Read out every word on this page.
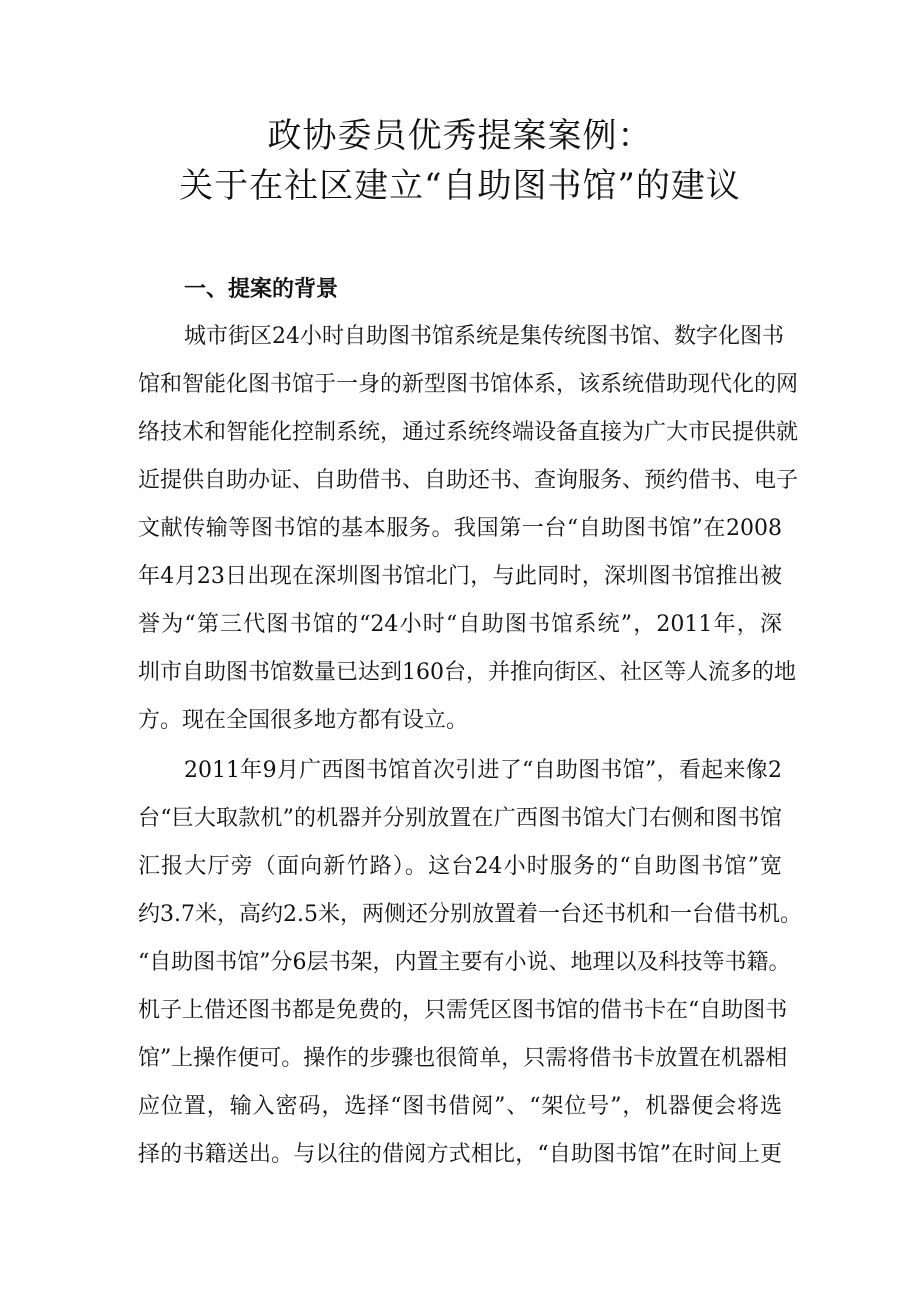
政协委员优秀提案案例：
关于在社区建立“自助图书馆”的建议
一、提案的背景
城市街区24小时自助图书馆系统是集传统图书馆、数字化图书
馆和智能化图书馆于一身的新型图书馆体系，该系统借助现代化的网
络技术和智能化控制系统，通过系统终端设备直接为广大市民提供就
近提供自助办证、自助借书、自助还书、查询服务、预约借书、电子
文献传输等图书馆的基本服务。我国第一台“自助图书馆”在2008
年4月23日出现在深圳图书馆北门，与此同时，深圳图书馆推出被
誉为“第三代图书馆的“24小时“自助图书馆系统”，2011年，深
圳市自助图书馆数量已达到160台，并推向街区、社区等人流多的地
方。现在全国很多地方都有设立。
2011年9月广西图书馆首次引进了“自助图书馆”，看起来像2
台“巨大取款机”的机器并分别放置在广西图书馆大门右侧和图书馆
汇报大厅旁（面向新竹路）。这台24小时服务的“自助图书馆”宽
约3.7米，高约2.5米，两侧还分别放置着一台还书机和一台借书机。
“自助图书馆”分6层书架，内置主要有小说、地理以及科技等书籍。
机子上借还图书都是免费的，只需凭区图书馆的借书卡在“自助图书
馆”上操作便可。操作的步骤也很简单，只需将借书卡放置在机器相
应位置，输入密码，选择“图书借阅”、“架位号”，机器便会将选
择的书籍送出。与以往的借阅方式相比，“自助图书馆”在时间上更
